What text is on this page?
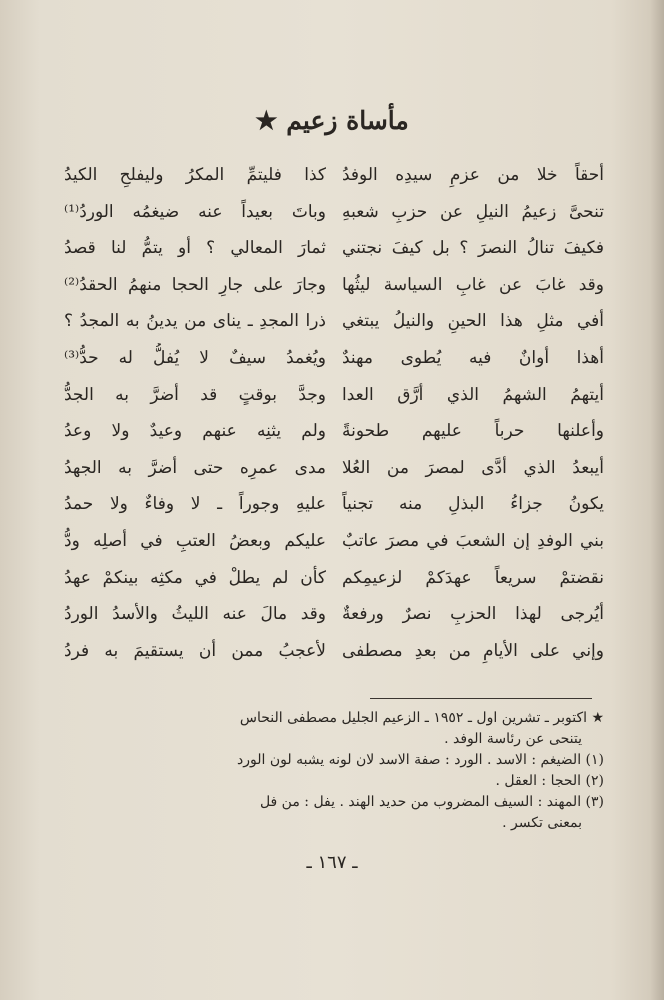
مأساة زعيم ★
أحقاً خلا من عزمِ سيدِه الوفدُ
كذا فليتمِّ المكرُ وليفلحِ الكيدُ
تنحىَّ زعيمُ النيلِ عن حزبِ شعبهِ
وباتَ بعيداً عنه ضيغمُه الوردُ⁽¹⁾
فكيفَ تنالُ النصرَ ؟ بل كيفَ نجتني
ثمارَ المعالي ؟ أو يتمُّ لنا قصدُ
وقد غابَ عن غابِ السياسة ليثُها
وجارَ على جارِ الحجا منهمُ الحقدُ⁽²⁾
أفي مثلِ هذا الحينِ والنيلُ يبتغي
ذرا المجدِ ـ يناى من يدينُ به المجدُ ؟
أهذا أوانٌ فيه يُطوى مهندٌ
ويُغمدُ سيفٌ لا يُفلُّ له حدُّ⁽³⁾
أيتهمُ الشهمُ الذي أرَّق العدا
وجدَّ بوقتٍ قد أضرَّ به الجدُّ
وأعلنها حرباً عليهم طحونةً
ولم يثنِه عنهم وعيدٌ ولا وعدُ
أيبعدُ الذي أدَّى لمصرَ من العُلا
مدى عمرِه حتى أضرَّ به الجهدُ
يكونُ جزاءُ البذلِ منه تجنياً
عليهِ وجوراً ـ لا وفاءٌ ولا حمدُ
بني الوفدِ إن الشعبَ في مصرَ عاتبٌ
عليكم وبعضُ العتبِ في أصلِه ودُّ
نقضتمْ سريعاً عهدَكمْ لزعيمِكم
كأن لم يطلْ في مكثِه بينكمْ عهدُ
أيُرجى لهذا الحزبِ نصرٌ ورفعةٌ
وقد مالَ عنه الليثُ والأسدُ الوردُ
وإني على الأيامِ من بعدِ مصطفى
لأعجبُ ممن أن يستقيمَ به فردُ
★ اكتوبر ـ تشرين اول ـ ١٩٥٢ ـ الزعيم الجليل مصطفى النحاس
يتنحى عن رئاسة الوفد .
(١) الضيغم : الاسد . الورد : صفة الاسد لان لونه يشبه لون الورد
(٢) الحجا : العقل .
(٣) المهند : السيف المضروب من حديد الهند . يفل : من فل
بمعنى تكسر .
ـ ١٦٧ ـ
